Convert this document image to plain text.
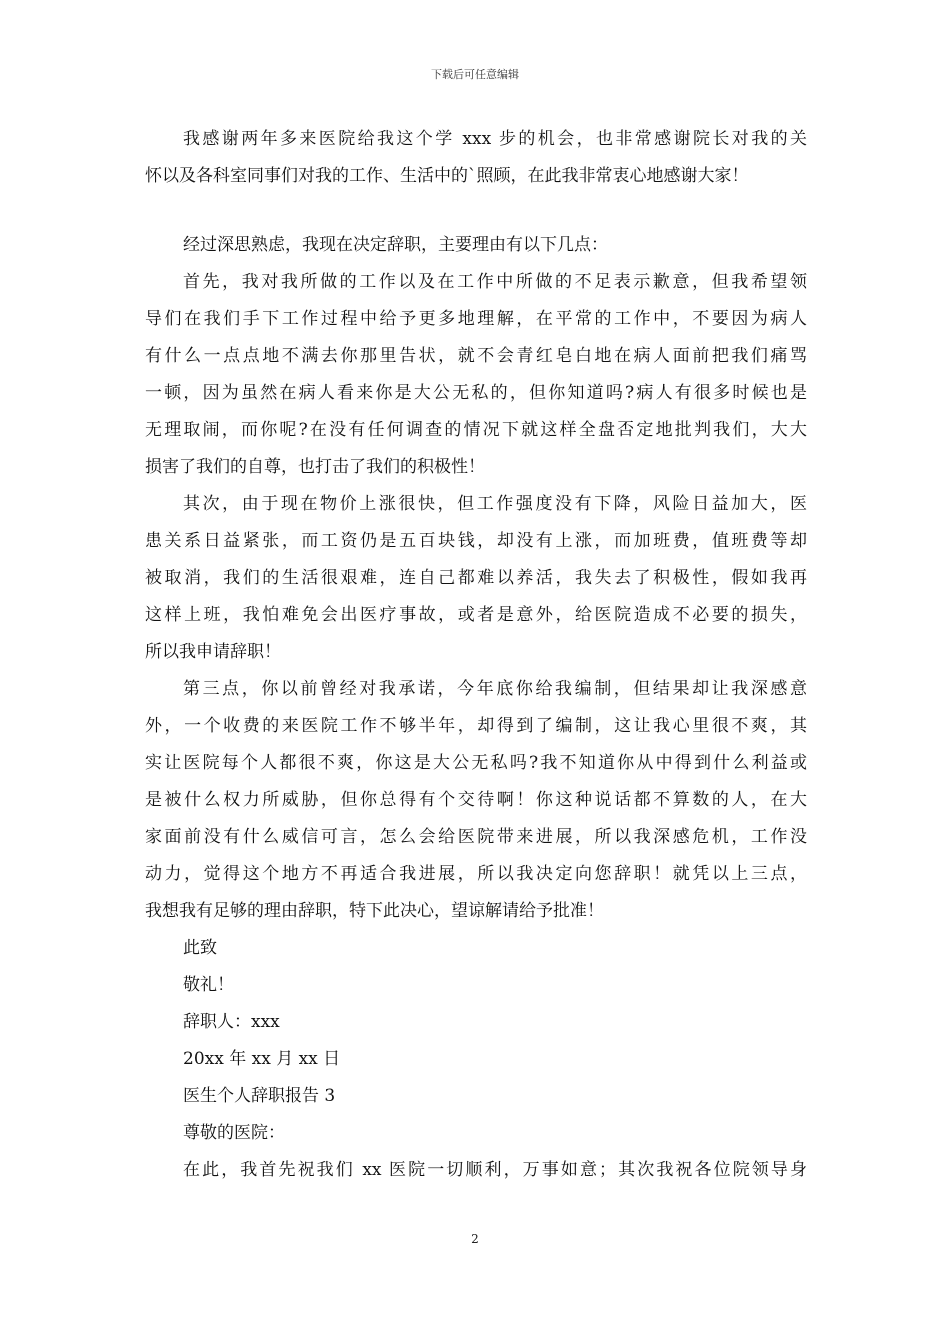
下载后可任意编辑
我感谢两年多来医院给我这个学 xxx 步的机会，也非常感谢院长对我的关
怀以及各科室同事们对我的工作、生活中的`照顾，在此我非常衷心地感谢大家！
经过深思熟虑，我现在决定辞职，主要理由有以下几点：
首先，我对我所做的工作以及在工作中所做的不足表示歉意，但我希望领
导们在我们手下工作过程中给予更多地理解，在平常的工作中，不要因为病人
有什么一点点地不满去你那里告状，就不会青红皂白地在病人面前把我们痛骂
一顿，因为虽然在病人看来你是大公无私的，但你知道吗?病人有很多时候也是
无理取闹，而你呢?在没有任何调查的情况下就这样全盘否定地批判我们，大大
损害了我们的自尊，也打击了我们的积极性！
其次，由于现在物价上涨很快，但工作强度没有下降，风险日益加大，医
患关系日益紧张，而工资仍是五百块钱，却没有上涨，而加班费，值班费等却
被取消，我们的生活很艰难，连自己都难以养活，我失去了积极性，假如我再
这样上班，我怕难免会出医疗事故，或者是意外，给医院造成不必要的损失，
所以我申请辞职！
第三点，你以前曾经对我承诺，今年底你给我编制，但结果却让我深感意
外，一个收费的来医院工作不够半年，却得到了编制，这让我心里很不爽，其
实让医院每个人都很不爽，你这是大公无私吗?我不知道你从中得到什么利益或
是被什么权力所威胁，但你总得有个交待啊！你这种说话都不算数的人，在大
家面前没有什么威信可言，怎么会给医院带来进展，所以我深感危机，工作没
动力，觉得这个地方不再适合我进展，所以我决定向您辞职！就凭以上三点，
我想我有足够的理由辞职，特下此决心，望谅解请给予批准！
此致
敬礼！
辞职人：xxx
20xx 年 xx 月 xx 日
医生个人辞职报告 3
尊敬的医院：
在此，我首先祝我们 xx 医院一切顺利，万事如意；其次我祝各位院领导身
2
